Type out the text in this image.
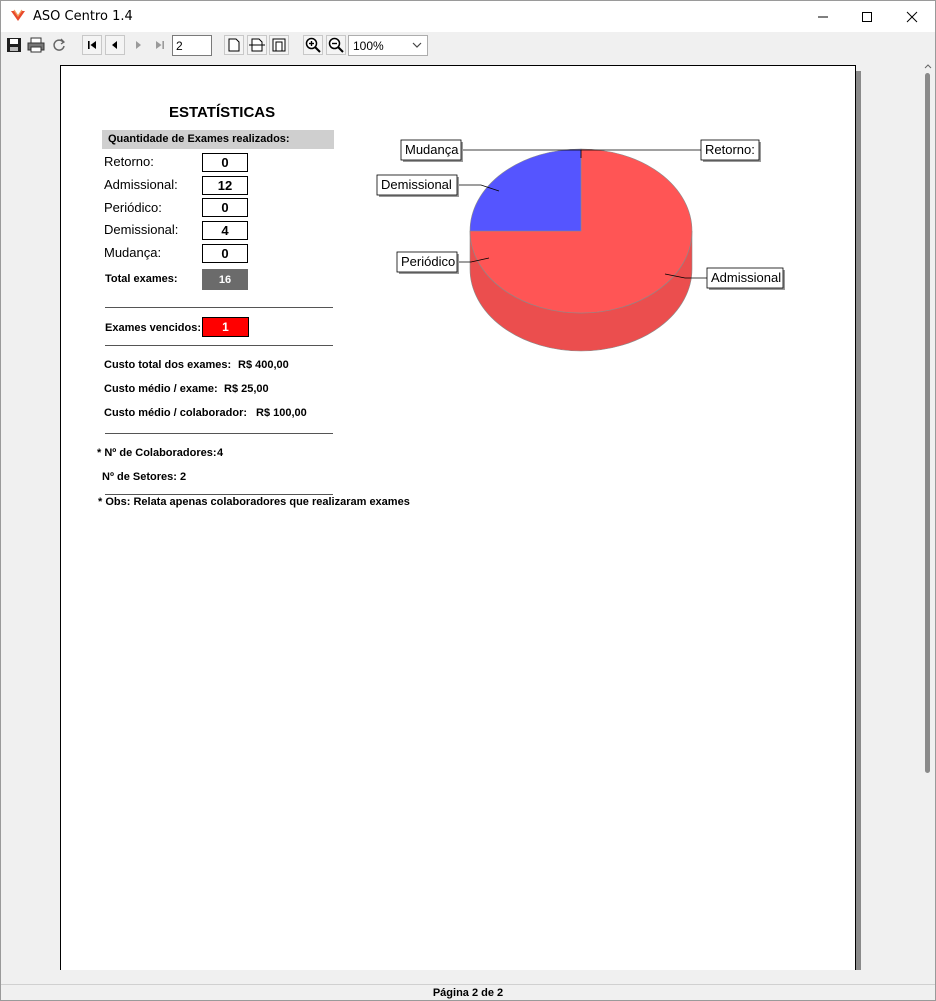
ASO Centro 1.4
2
100%
ESTATÍSTICAS
Quantidade de Exames realizados:
Retorno:	0
Admissional:	12
Periódico:	0
Demissional:	4
Mudança:	0
Total exames:	16
Exames vencidos:	1
Custo total dos exames: R$ 400,00
Custo médio / exame: R$ 25,00
Custo médio / colaborador: R$ 100,00
* Nº de Colaboradores: 4
Nº de Setores: 2
* Obs: Relata apenas colaboradores que realizaram exames
Retorno:
Admissional
Periódico
Demissional
Mudança
Página 2 de 2
